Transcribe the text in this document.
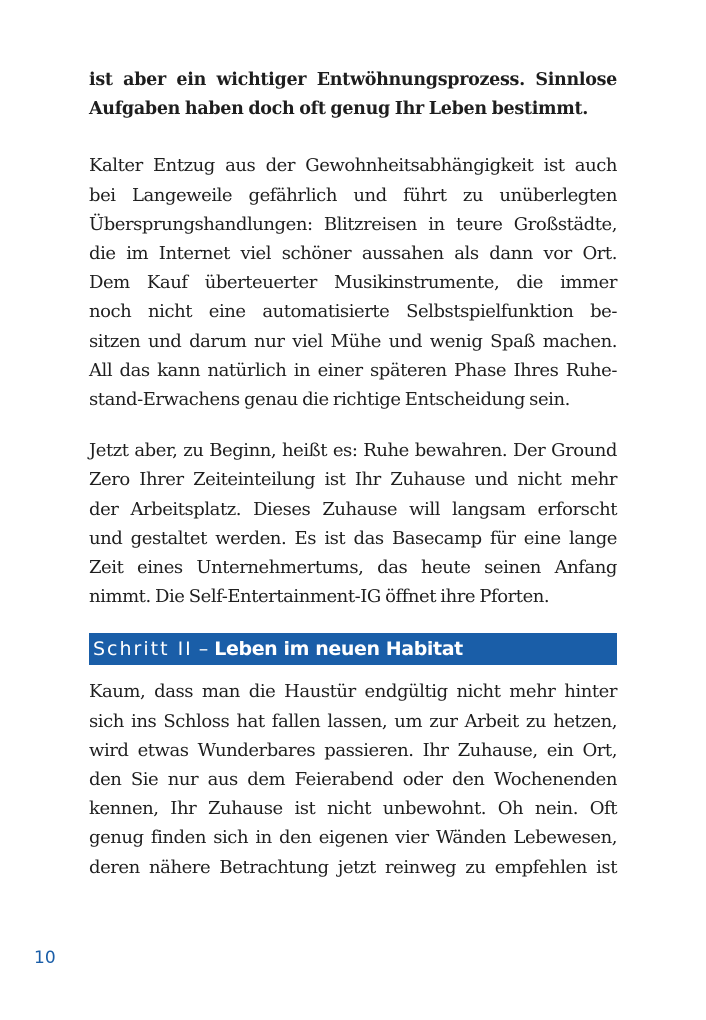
ist aber ein wichtiger Entwöhnungsprozess. Sinnlose
Aufgaben haben doch oft genug Ihr Leben bestimmt.

Kalter Entzug aus der Gewohnheitsabhängigkeit ist auch
bei Langeweile gefährlich und führt zu unüberlegten
Übersprungshandlungen: Blitzreisen in teure Großstädte,
die im Internet viel schöner aussahen als dann vor Ort.
Dem Kauf überteuerter Musikinstrumente, die immer
noch nicht eine automatisierte Selbstspielfunktion be-
sitzen und darum nur viel Mühe und wenig Spaß machen.
All das kann natürlich in einer späteren Phase Ihres Ruhe-
stand-Erwachens genau die richtige Entscheidung sein.

Jetzt aber, zu Beginn, heißt es: Ruhe bewahren. Der Ground
Zero Ihrer Zeiteinteilung ist Ihr Zuhause und nicht mehr
der Arbeitsplatz. Dieses Zuhause will langsam erforscht
und gestaltet werden. Es ist das Basecamp für eine lange
Zeit eines Unternehmertums, das heute seinen Anfang
nimmt. Die Self-Entertainment-IG öffnet ihre Pforten.

Schritt II – Leben im neuen Habitat

Kaum, dass man die Haustür endgültig nicht mehr hinter
sich ins Schloss hat fallen lassen, um zur Arbeit zu hetzen,
wird etwas Wunderbares passieren. Ihr Zuhause, ein Ort,
den Sie nur aus dem Feierabend oder den Wochenenden
kennen, Ihr Zuhause ist nicht unbewohnt. Oh nein. Oft
genug finden sich in den eigenen vier Wänden Lebewesen,
deren nähere Betrachtung jetzt reinweg zu empfehlen ist

10
